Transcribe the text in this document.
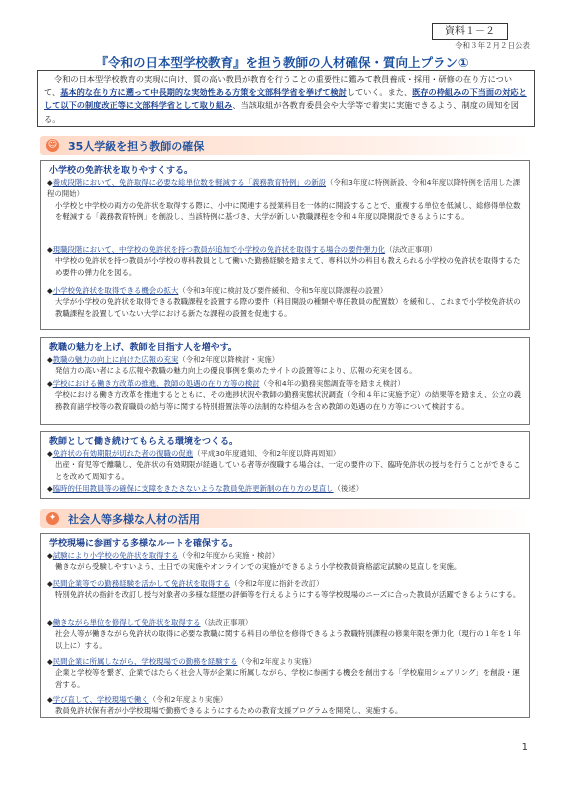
資料１－２
令和３年２月２日公表
『令和の日本型学校教育』を担う教師の人材確保・質向上プラン①
令和の日本型学校教育の実現に向け、質の高い教員が教育を行うことの重要性に鑑みて教員養成・採用・研修の在り方について、基本的な在り方に遡って中長期的な実効性ある方策を文部科学省を挙げて検討していく。また、既存の枠組みの下当面の対応として以下の制度改正等に文部科学省として取り組み、当該取組が各教育委員会や大学等で着実に実施できるよう、制度の周知を図る。
☺ 35人学級を担う教師の確保
小学校の免許状を取りやすくする。
◆養成段階において、免許取得に必要な総単位数を軽減する「義務教育特例」の新設（令和3年度に特例新設、令和4年度以降特例を活用した課程の開始）
小学校と中学校の両方の免許状を取得する際に、小中に関連する授業科目を一体的に開設することで、重複する単位を低減し、総修得単位数を軽減する「義務教育特例」を創設し、当該特例に基づき、大学が新しい教職課程を令和４年度以降開設できるようにする。
◆現職段階において、中学校の免許状を持つ教員が追加で小学校の免許状を取得する場合の要件弾力化（法改正事項）
中学校の免許状を持つ教員が小学校の専科教員として働いた勤務経験を踏まえて、専科以外の科目も教えられる小学校の免許状を取得するため要件の弾力化を図る。
◆小学校免許状を取得できる機会の拡大（令和3年度に検討及び要件緩和、令和5年度以降課程の設置）
大学が小学校の免許状を取得できる教職課程を設置する際の要件（科目開設の種類や専任教員の配置数）を緩和し、これまで小学校免許状の教職課程を設置していない大学における新たな課程の設置を促進する。
教職の魅力を上げ、教師を目指す人を増やす。
◆教職の魅力の向上に向けた広報の充実（令和2年度以降検討・実施）
発信力の高い者による広報や教職の魅力向上の優良事例を集めたサイトの設置等により、広報の充実を図る。
◆学校における働き方改革の推進、教師の処遇の在り方等の検討（令和4年の勤務実態調査等を踏まえ検討）
学校における働き方改革を推進するとともに、その進捗状況や教師の勤務実態状況調査（令和４年に実施予定）の結果等を踏まえ、公立の義務教育諸学校等の教育職員の給与等に関する特別措置法等の法制的な枠組みを含め教師の処遇の在り方等について検討する。
教師として働き続けてもらえる環境をつくる。
◆免許状の有効期限が切れた者の復職の促進（平成30年度通知、令和2年度以降再周知）
出産・育児等で離職し、免許状の有効期限が経過している者等が復職する場合は、一定の要件の下、臨時免許状の授与を行うことができることを改めて周知する。
◆臨時的任用教員等の確保に支障をきたさないような教員免許更新制の在り方の見直し（後述）
✦ 社会人等多様な人材の活用
学校現場に参画する多様なルートを確保する。
◆試験により小学校の免許状を取得する（令和2年度から実施・検討）
働きながら受験しやすいよう、土日での実施やオンラインでの実施ができるよう小学校教員資格認定試験の見直しを実施。
◆民間企業等での勤務経験を活かして免許状を取得する（令和2年度に指針を改訂）
特別免許状の指針を改訂し授与対象者の多様な経歴の評価等を行えるようにする等学校現場のニーズに合った教員が活躍できるようにする。
◆働きながら単位を修得して免許状を取得する（法改正事項）
社会人等が働きながら免許状の取得に必要な教職に関する科目の単位を修得できるよう教職特別課程の修業年限を弾力化（現行の１年を１年以上に）する。
◆民間企業に所属しながら、学校現場での勤務を経験する（令和2年度より実施）
企業と学校等を繋ぎ、企業ではたらく社会人等が企業に所属しながら、学校に参画する機会を創出する「学校雇用シェアリング」を創設・運営する。
◆学び直して、学校現場で働く（令和2年度より実施）
教員免許状保有者が小学校現場で勤務できるようにするための教育支援プログラムを開発し、実施する。
1
